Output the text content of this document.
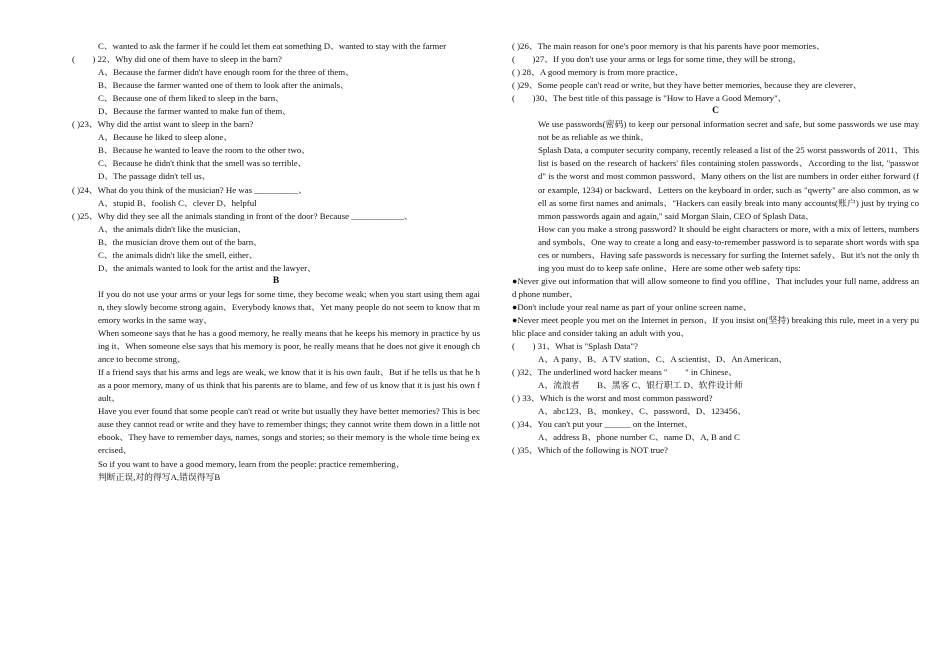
C、wanted to ask the farmer if he could let them eat something D、wanted to stay with the farmer

(　　) 22、Why did one of them have to sleep in the barn?

A、Because the farmer didn't have enough room for the three of them、

B、Because the farmer wanted one of them to look after the animals、

C、Because one of them liked to sleep in the barn、

D、Because the farmer wanted to make fun of them、

( )23、Why did the artist want to sleep in the barn?

A、Because he liked to sleep alone、

B、Because he wanted to leave the room to the other two、

C、Because he didn't think that the smell was so terrible、

D、The passage didn't tell us、

( )24、What do you think of the musician? He was __________、

A、stupid B、foolish C、clever D、helpful

( )25、Why did they see all the animals standing in front of the door? Because ____________、

A、the animals didn't like the musician、

B、the musician drove them out of the barn、

C、the animals didn't like the smell, either、

D、the animals wanted to look for the artist and the lawyer、

B

If you do not use your arms or your legs for some time, they become weak; when you start using them again, they slowly become strong again、Everybody knows that、Yet many people do not seem to know that memory works in the same way、

When someone says that he has a good memory, he really means that he keeps his memory in practice by using it、When someone else says that his memory is poor, he really means that he does not give it enough chance to become strong、

If a friend says that his arms and legs are weak, we know that it is his own fault、But if he tells us that he has a poor memory, many of us think that his parents are to blame, and few of us know that it is just his own fault、

Have you ever found that some people can't read or write but usually they have better memories? This is because they cannot read or write and they have to remember things; they cannot write them down in a little notebook、They have to remember days, names, songs and stories; so their memory is the whole time being exercised、

So if you want to have a good memory, learn from the people: practice remembering、

判断正误,对的得写A,错误得写B

( )26、The main reason for one's poor memory is that his parents have poor memories、

(　　)27、If you don't use your arms or legs for some time, they will be strong、

( ) 28、A good memory is from more practice、

( )29、Some people can't read or write, but they have better memories, because they are cleverer、

(　　)30、The best title of this passage is "How to Have a Good Memory"、

C

We use passwords(密码) to keep our personal information secret and safe, but some passwords we use may not be as reliable as we think、

Splash Data, a computer security company, recently released a list of the 25 worst passwords of 2011、This list is based on the research of hackers' files containing stolen passwords、According to the list, "password" is the worst and most common password、Many others on the list are numbers in order either forward (for example, 1234) or backward、Letters on the keyboard in order, such as "qwerty" are also common, as well as some first names and animals、"Hackers can easily break into many accounts(账户) just by trying common passwords again and again," said Morgan Slain, CEO of Splash Data、

How can you make a strong password? It should be eight characters or more, with a mix of letters, numbers and symbols、One way to create a long and easy-to-remember password is to separate short words with spaces or numbers、Having safe passwords is necessary for surfing the Internet safely、But it's not the only thing you must do to keep safe online、Here are some other web safety tips:

●Never give out information that will allow someone to find you offline、That includes your full name, address and phone number、

●Don't include your real name as part of your online screen name、

●Never meet people you met on the Internet in person、If you insist on(坚持) breaking this rule, meet in a very public place and consider taking an adult with you、

(　　) 31、What is "Splash Data"?

A、A pany、B、A TV station、C、A scientist、D、An American、

( )32、The underlined word hacker means "　　" in Chinese、

A、流浪者　　B、黑客 C、银行职工 D、软件设计师

( ) 33、Which is the worst and most common password?

A、abc123、B、monkey、C、password、D、123456、

( )34、You can't put your ______ on the Internet、

A、address B、phone number C、name D、A, B and C

( )35、Which of the following is NOT true?
